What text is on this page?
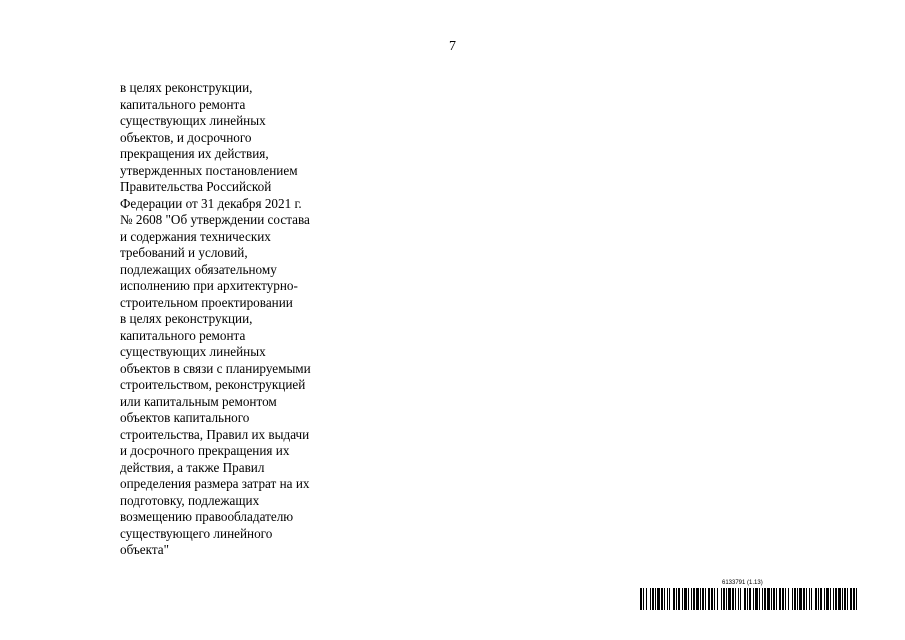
7
в целях реконструкции,
капитального ремонта
существующих линейных
объектов, и досрочного
прекращения их действия,
утвержденных постановлением
Правительства Российской
Федерации от 31 декабря 2021 г.
№ 2608 "Об утверждении состава
и содержания технических
требований и условий,
подлежащих обязательному
исполнению при архитектурно-
строительном проектировании
в целях реконструкции,
капитального ремонта
существующих линейных
объектов в связи с планируемыми
строительством, реконструкцией
или капитальным ремонтом
объектов капитального
строительства, Правил их выдачи
и досрочного прекращения их
действия, а также Правил
определения размера затрат на их
подготовку, подлежащих
возмещению правообладателю
существующего линейного
объекта"
6133791 (1.13)
